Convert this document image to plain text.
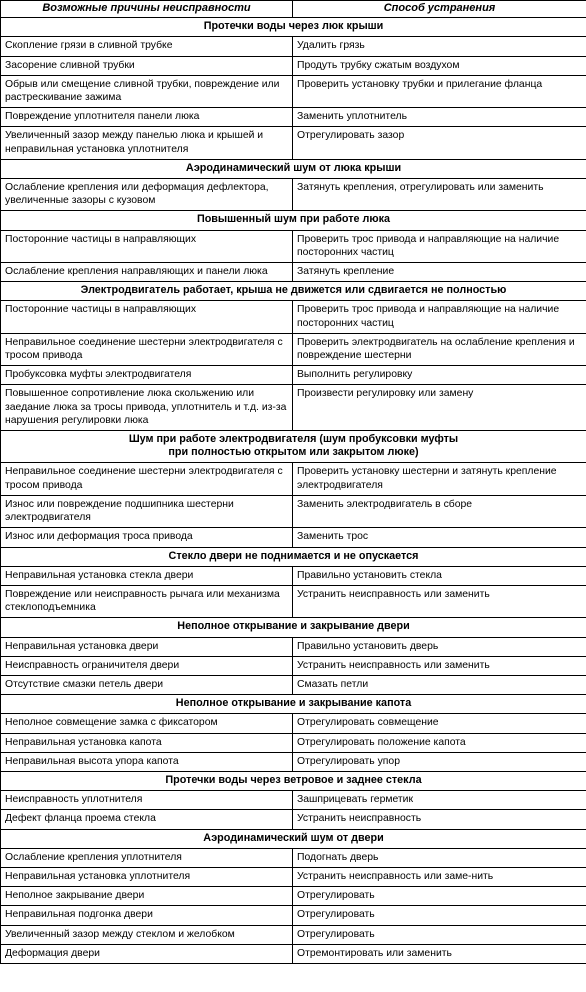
Возможные причины неисправности	Способ устранения
Протечки воды через люк крыши	
Скопление грязи в сливной трубке	Удалить грязь
Засорение сливной трубки	Продуть трубку сжатым воздухом
Обрыв или смещение сливной трубки, повреждение или растрескивание зажима	Проверить установку трубки и прилегание фланца
Повреждение уплотнителя панели люка	Заменить уплотнитель
Увеличенный зазор между панелью люка и крышей и неправильная установка уплотнителя	Отрегулировать зазор
Аэродинамический шум от люка крыши	
Ослабление крепления или деформация дефлектора, увеличенные зазоры с кузовом	Затянуть крепления, отрегулировать или заменить
Повышенный шум при работе люка	
Посторонние частицы в направляющих	Проверить трос привода и направляющие на наличие посторонних частиц
Ослабление крепления направляющих и панели люка	Затянуть крепление
Электродвигатель работает, крыша не движется или сдвигается не полностью	
Посторонние частицы в направляющих	Проверить трос привода и направляющие на наличие посторонних частиц
Неправильное соединение шестерни электродвигателя с тросом привода	Проверить электродвигатель на ослабление крепления и повреждение шестерни
Пробуксовка муфты электродвигателя	Выполнить регулировку
Повышенное сопротивление люка скольжению или заедание люка за тросы привода, уплотнитель и т.д. из-за нарушения регулировки люка	Произвести регулировку или замену
Шум при работе электродвигателя (шум пробуксовки муфты
при полностью открытом или закрытом люке)	
Неправильное соединение шестерни электродвигателя с тросом привода	Проверить установку шестерни и затянуть крепление электродвигателя
Износ или повреждение подшипника шестерни электродвигателя	Заменить электродвигатель в сборе
Износ или деформация троса привода	Заменить трос
Стекло двери не поднимается и не опускается	
Неправильная установка стекла двери	Правильно установить стекла
Повреждение или неисправность рычага или механизма стеклоподъемника	Устранить неисправность или заменить
Неполное открывание и закрывание двери	
Неправильная установка двери	Правильно установить дверь
Неисправность ограничителя двери	Устранить неисправность или заменить
Отсутствие смазки петель двери	Смазать петли
Неполное открывание и закрывание капота	
Неполное совмещение замка с фиксатором	Отрегулировать совмещение
Неправильная установка капота	Отрегулировать положение капота
Неправильная высота упора капота	Отрегулировать упор
Протечки воды через ветровое и заднее стекла	
Неисправность уплотнителя	Зашприцевать герметик
Дефект фланца проема стекла	Устранить неисправность
Аэродинамический шум от двери	
Ослабление крепления уплотнителя	Подогнать дверь
Неправильная установка уплотнителя	Устранить неисправность или заме-нить
Неполное закрывание двери	Отрегулировать
Неправильная подгонка двери	Отрегулировать
Увеличенный зазор между стеклом и желобком	Отрегулировать
Деформация двери	Отремонтировать или заменить
